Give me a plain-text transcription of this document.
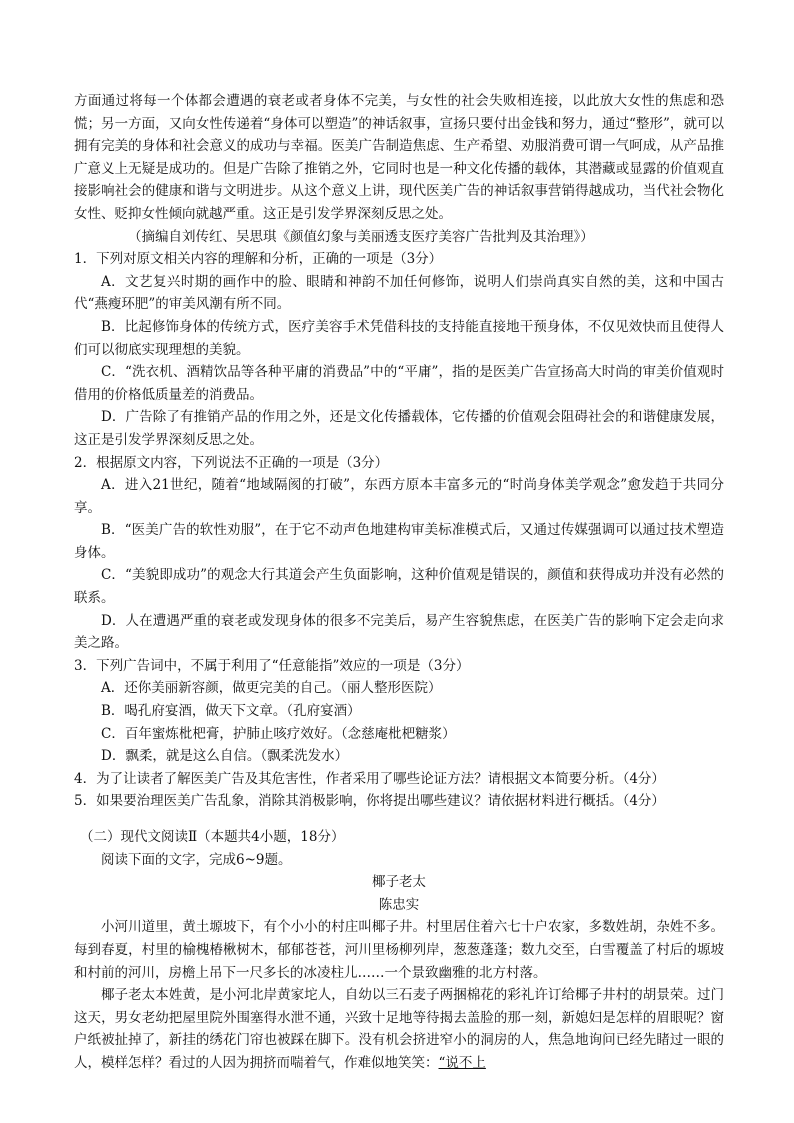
方面通过将每一个体都会遭遇的衰老或者身体不完美，与女性的社会失败相连接，以此放大女性的焦虑和恐慌；另一方面，又向女性传递着“身体可以塑造”的神话叙事，宣扬只要付出金钱和努力，通过“整形”，就可以拥有完美的身体和社会意义的成功与幸福。医美广告制造焦虑、生产希望、劝服消费可谓一气呵成，从产品推广意义上无疑是成功的。但是广告除了推销之外，它同时也是一种文化传播的载体，其潜藏或显露的价值观直接影响社会的健康和谐与文明进步。从这个意义上讲，现代医美广告的神话叙事营销得越成功，当代社会物化女性、贬抑女性倾向就越严重。这正是引发学界深刻反思之处。

（摘编自刘传红、吴思琪《颜值幻象与美丽透支医疗美容广告批判及其治理》）

1．下列对原文相关内容的理解和分析，正确的一项是（3分）

A．文艺复兴时期的画作中的脸、眼睛和神韵不加任何修饰，说明人们崇尚真实自然的美，这和中国古代“燕瘦环肥”的审美风潮有所不同。

B．比起修饰身体的传统方式，医疗美容手术凭借科技的支持能直接地干预身体，不仅见效快而且使得人们可以彻底实现理想的美貌。

C．“洗衣机、酒精饮品等各种平庸的消费品”中的“平庸”，指的是医美广告宣扬高大时尚的审美价值观时借用的价格低质量差的消费品。

D．广告除了有推销产品的作用之外，还是文化传播载体，它传播的价值观会阻碍社会的和谐健康发展，这正是引发学界深刻反思之处。

2．根据原文内容，下列说法不正确的一项是（3分）

A．进入21世纪，随着“地域隔阂的打破”，东西方原本丰富多元的“时尚身体美学观念”愈发趋于共同分享。

B．“医美广告的软性劝服”，在于它不动声色地建构审美标准模式后，又通过传媒强调可以通过技术塑造身体。

C．“美貌即成功”的观念大行其道会产生负面影响，这种价值观是错误的，颜值和获得成功并没有必然的联系。

D．人在遭遇严重的衰老或发现身体的很多不完美后，易产生容貌焦虑，在医美广告的影响下定会走向求美之路。

3．下列广告词中，不属于利用了“任意能指”效应的一项是（3分）

A．还你美丽新容颜，做更完美的自己。（丽人整形医院）

B．喝孔府宴酒，做天下文章。（孔府宴酒）

C．百年蜜炼枇杷膏，护肺止咳疗效好。（念慈庵枇杷糖浆）

D．飘柔，就是这么自信。（飘柔洗发水）

4．为了让读者了解医美广告及其危害性，作者采用了哪些论证方法？请根据文本简要分析。（4分）

5．如果要治理医美广告乱象，消除其消极影响，你将提出哪些建议？请依据材料进行概括。（4分）

（二）现代文阅读Ⅱ（本题共4小题，18分）

阅读下面的文字，完成6~9题。

椰子老太

陈忠实

小河川道里，黄土塬坡下，有个小小的村庄叫椰子井。村里居住着六七十户农家，多数姓胡，杂姓不多。每到春夏，村里的榆槐椿楸树木，郁郁苍苍，河川里杨柳列岸，葱葱蓬蓬；数九交至，白雪覆盖了村后的塬坡和村前的河川，房檐上吊下一尺多长的冰凌柱儿……一个景致幽雅的北方村落。

椰子老太本姓黄，是小河北岸黄家坨人，自幼以三石麦子两捆棉花的彩礼许订给椰子井村的胡景荣。过门这天，男女老幼把屋里院外围塞得水泄不通，兴致十足地等待揭去盖脸的那一刻，新媳妇是怎样的眉眼呢？窗户纸被扯掉了，新挂的绣花门帘也被踩在脚下。没有机会挤进窄小的洞房的人，焦急地询问已经先睹过一眼的人，模样怎样？看过的人因为拥挤而喘着气，作难似地笑笑：“说不上
